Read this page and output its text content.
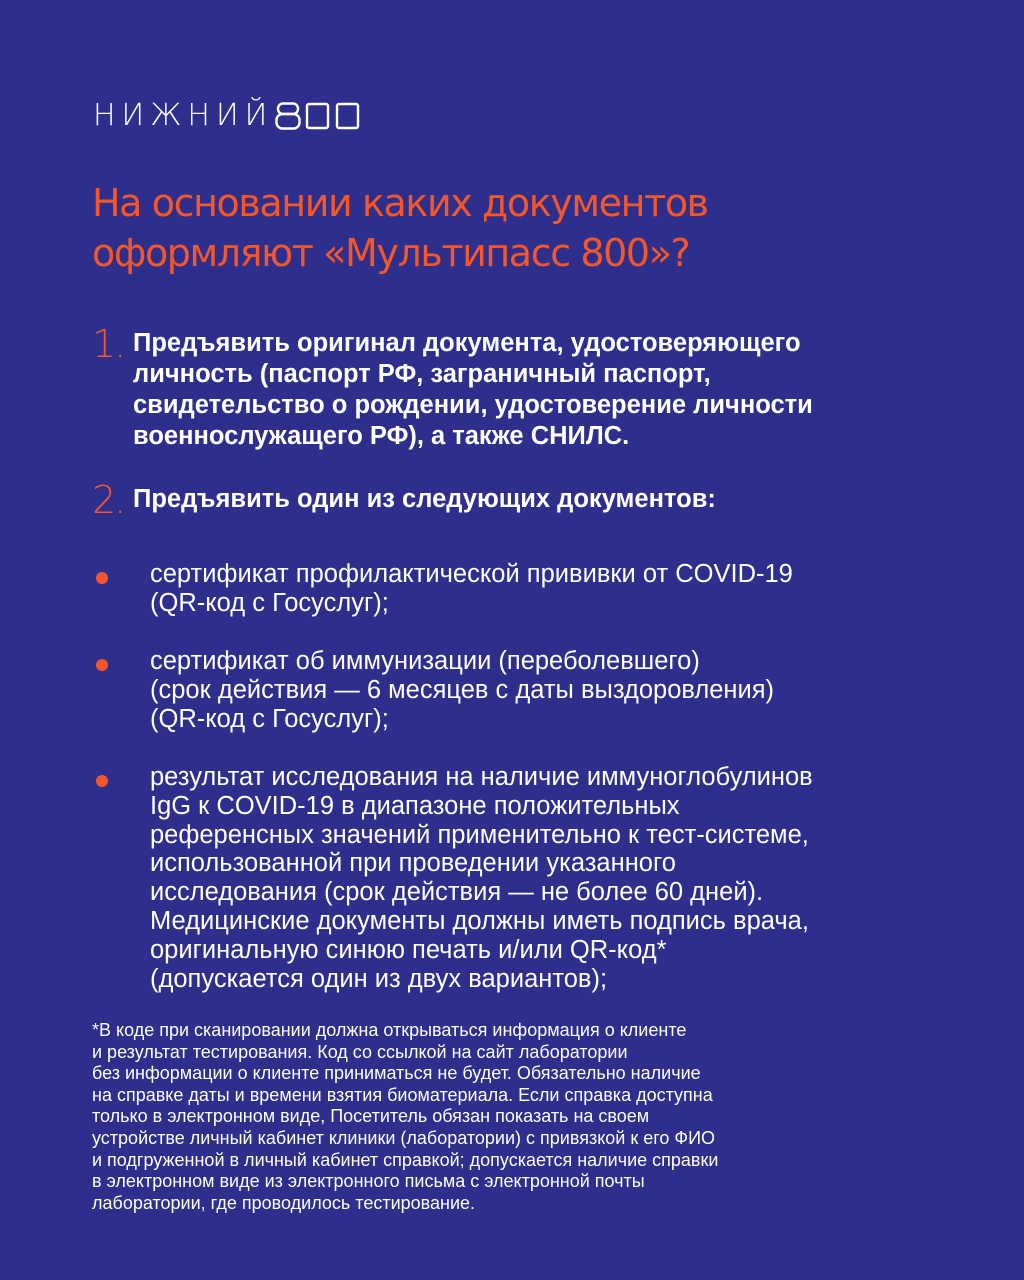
НИЖНИЙ
На основании каких документов
оформляют «Мультипасс 800»?
1. Предъявить оригинал документа, удостоверяющего
личность (паспорт РФ, заграничный паспорт,
свидетельство о рождении, удостоверение личности
военнослужащего РФ), а также СНИЛС.
2. Предъявить один из следующих документов:
сертификат профилактической прививки от COVID-19
(QR-код с Госуслуг);
сертификат об иммунизации (переболевшего)
(срок действия — 6 месяцев с даты выздоровления)
(QR-код с Госуслуг);
результат исследования на наличие иммуноглобулинов
IgG к COVID-19 в диапазоне положительных
референсных значений применительно к тест-системе,
использованной при проведении указанного
исследования (срок действия — не более 60 дней).
Медицинские документы должны иметь подпись врача,
оригинальную синюю печать и/или QR-код*
(допускается один из двух вариантов);
*В коде при сканировании должна открываться информация о клиенте
и результат тестирования. Код со ссылкой на сайт лаборатории
без информации о клиенте приниматься не будет. Обязательно наличие
на справке даты и времени взятия биоматериала. Если справка доступна
только в электронном виде, Посетитель обязан показать на своем
устройстве личный кабинет клиники (лаборатории) с привязкой к его ФИО
и подгруженной в личный кабинет справкой; допускается наличие справки
в электронном виде из электронного письма с электронной почты
лаборатории, где проводилось тестирование.
